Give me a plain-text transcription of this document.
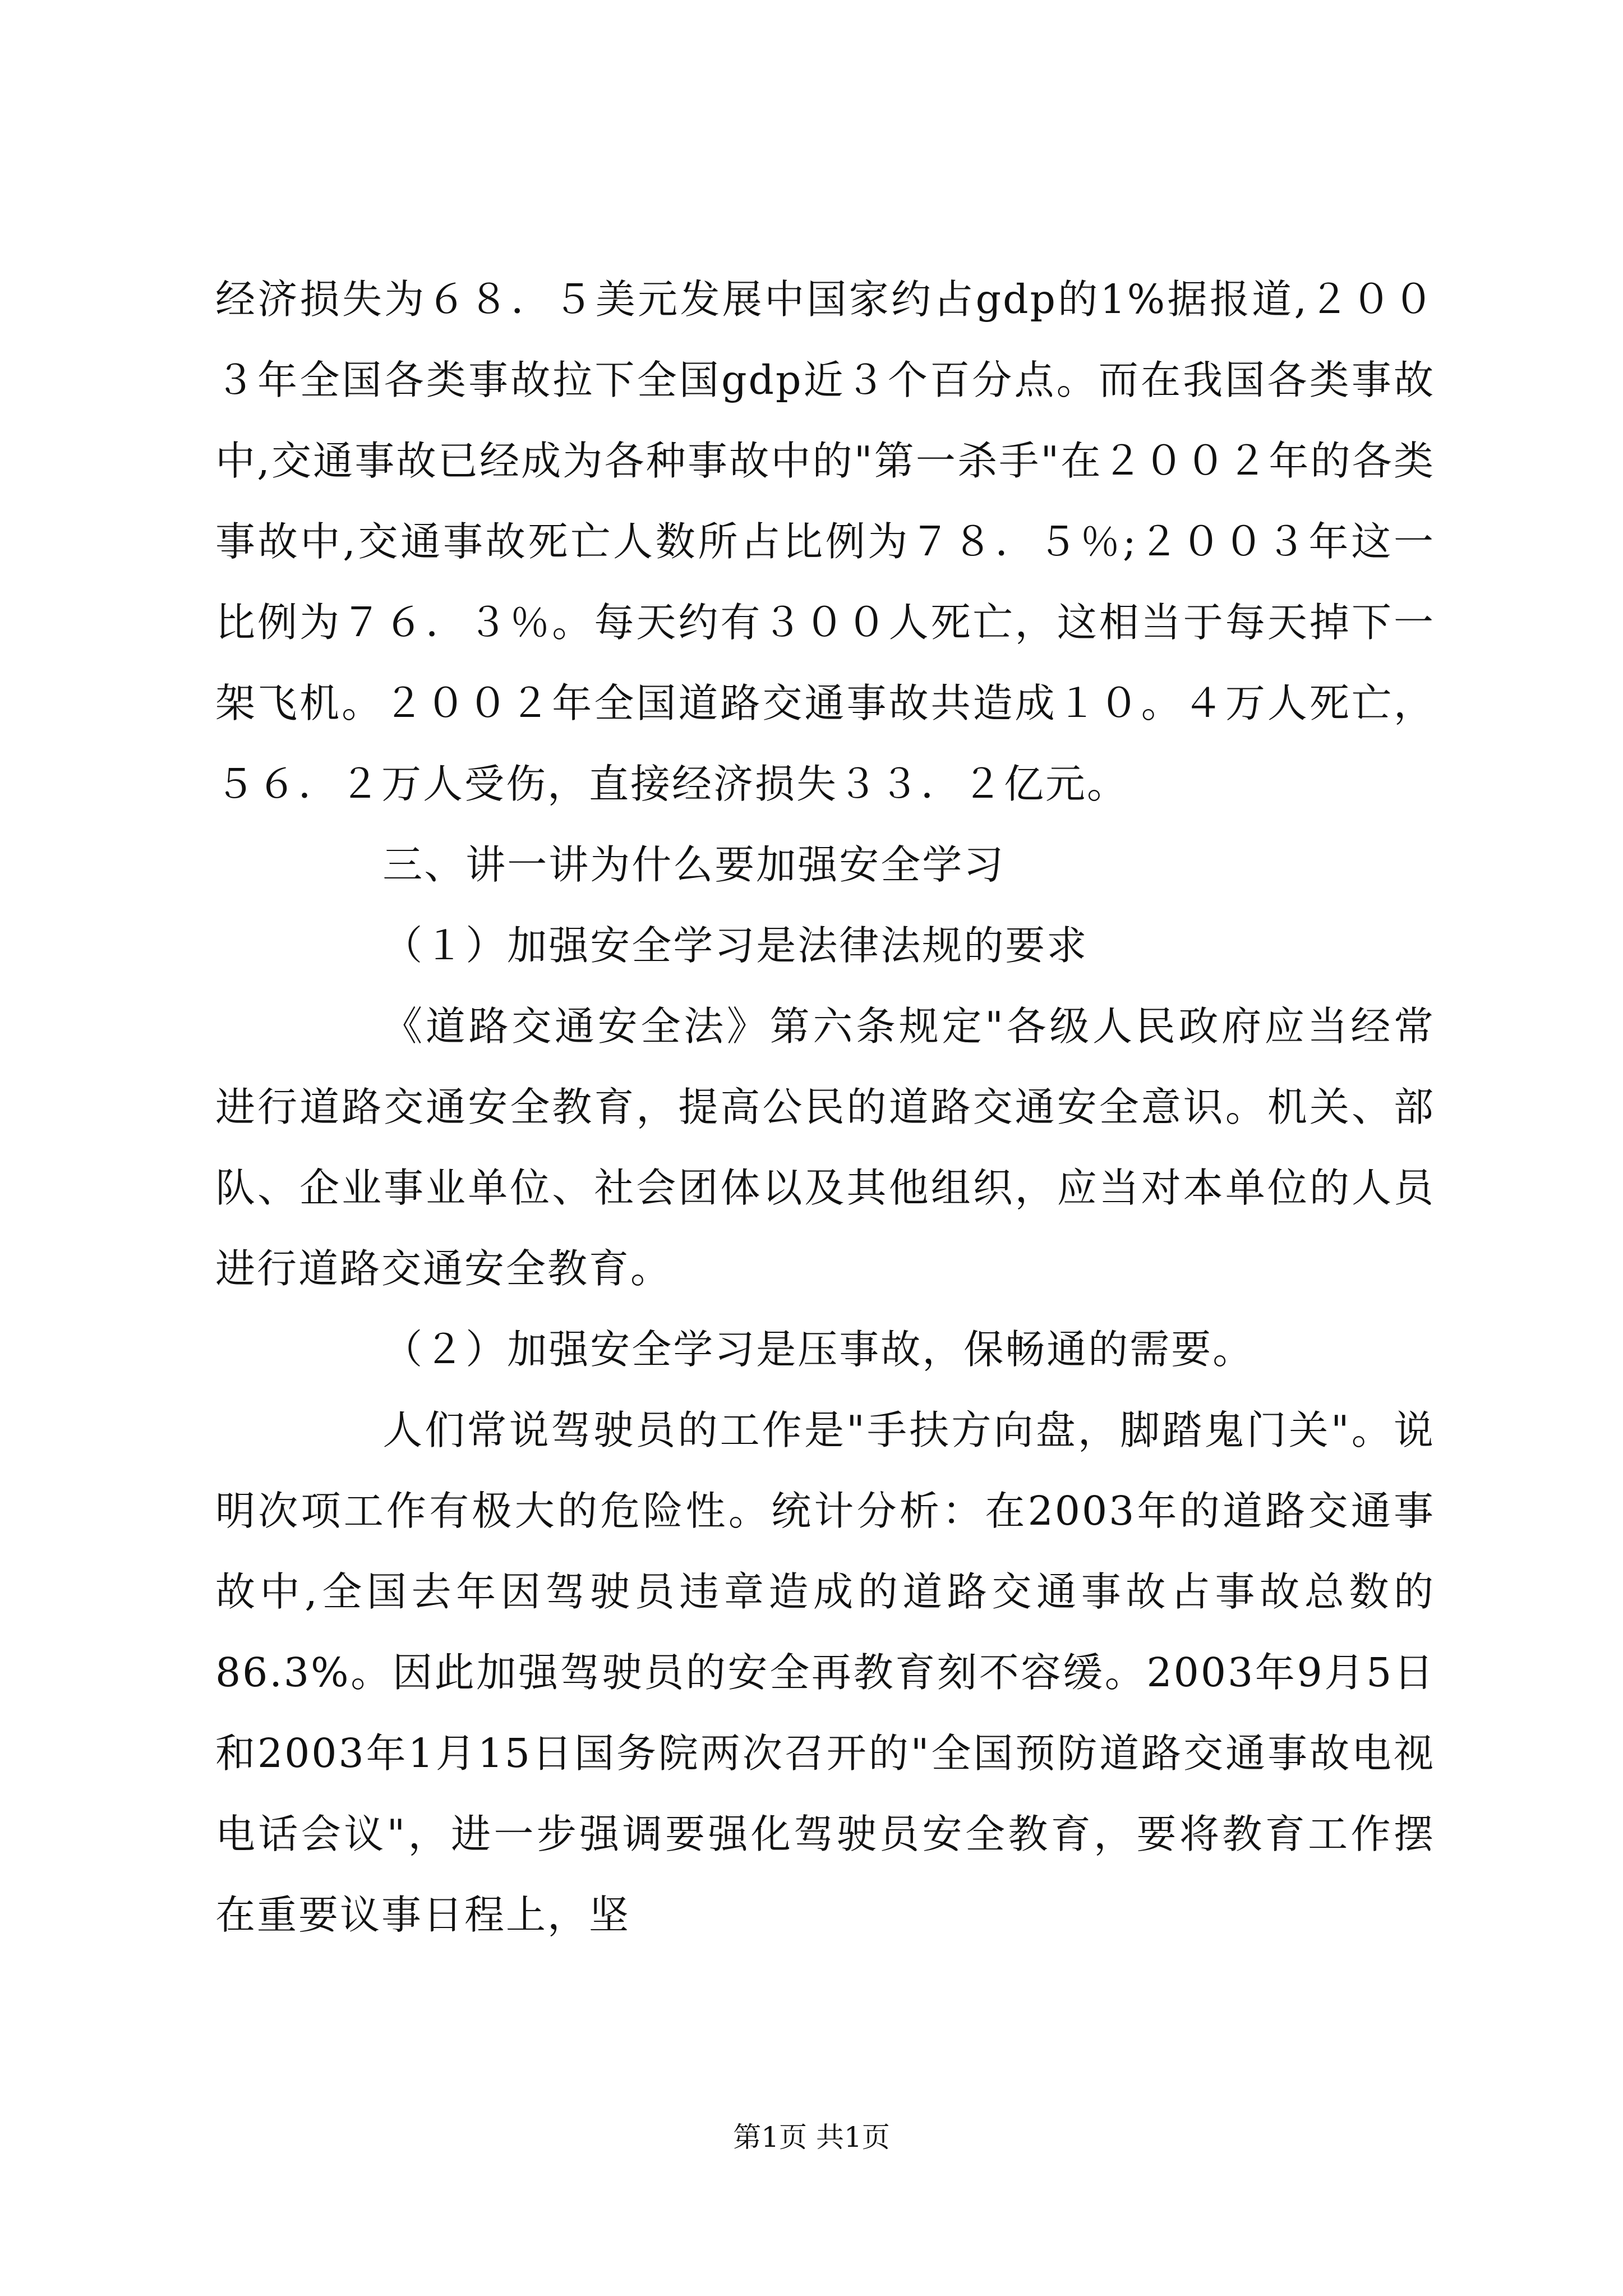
经济损失为６８．５美元发展中国家约占gdp的1%据报道,２００３年全国各类事故拉下全国gdp近３个百分点。而在我国各类事故中,交通事故已经成为各种事故中的"第一杀手"在２００２年的各类事故中,交通事故死亡人数所占比例为７８．５％;２００３年这一比例为７６．３％。每天约有３００人死亡，这相当于每天掉下一架飞机。２００２年全国道路交通事故共造成１０。４万人死亡，５６．２万人受伤，直接经济损失３３．２亿元。

三、讲一讲为什么要加强安全学习

（１）加强安全学习是法律法规的要求

《道路交通安全法》第六条规定"各级人民政府应当经常进行道路交通安全教育，提高公民的道路交通安全意识。机关、部队、企业事业单位、社会团体以及其他组织，应当对本单位的人员进行道路交通安全教育。

（２）加强安全学习是压事故，保畅通的需要。

人们常说驾驶员的工作是"手扶方向盘，脚踏鬼门关"。说明次项工作有极大的危险性。统计分析：在2003年的道路交通事故中,全国去年因驾驶员违章造成的道路交通事故占事故总数的86.3%。因此加强驾驶员的安全再教育刻不容缓。2003年9月5日和2003年1月15日国务院两次召开的"全国预防道路交通事故电视电话会议"，进一步强调要强化驾驶员安全教育，要将教育工作摆在重要议事日程上，坚

第1页 共1页
